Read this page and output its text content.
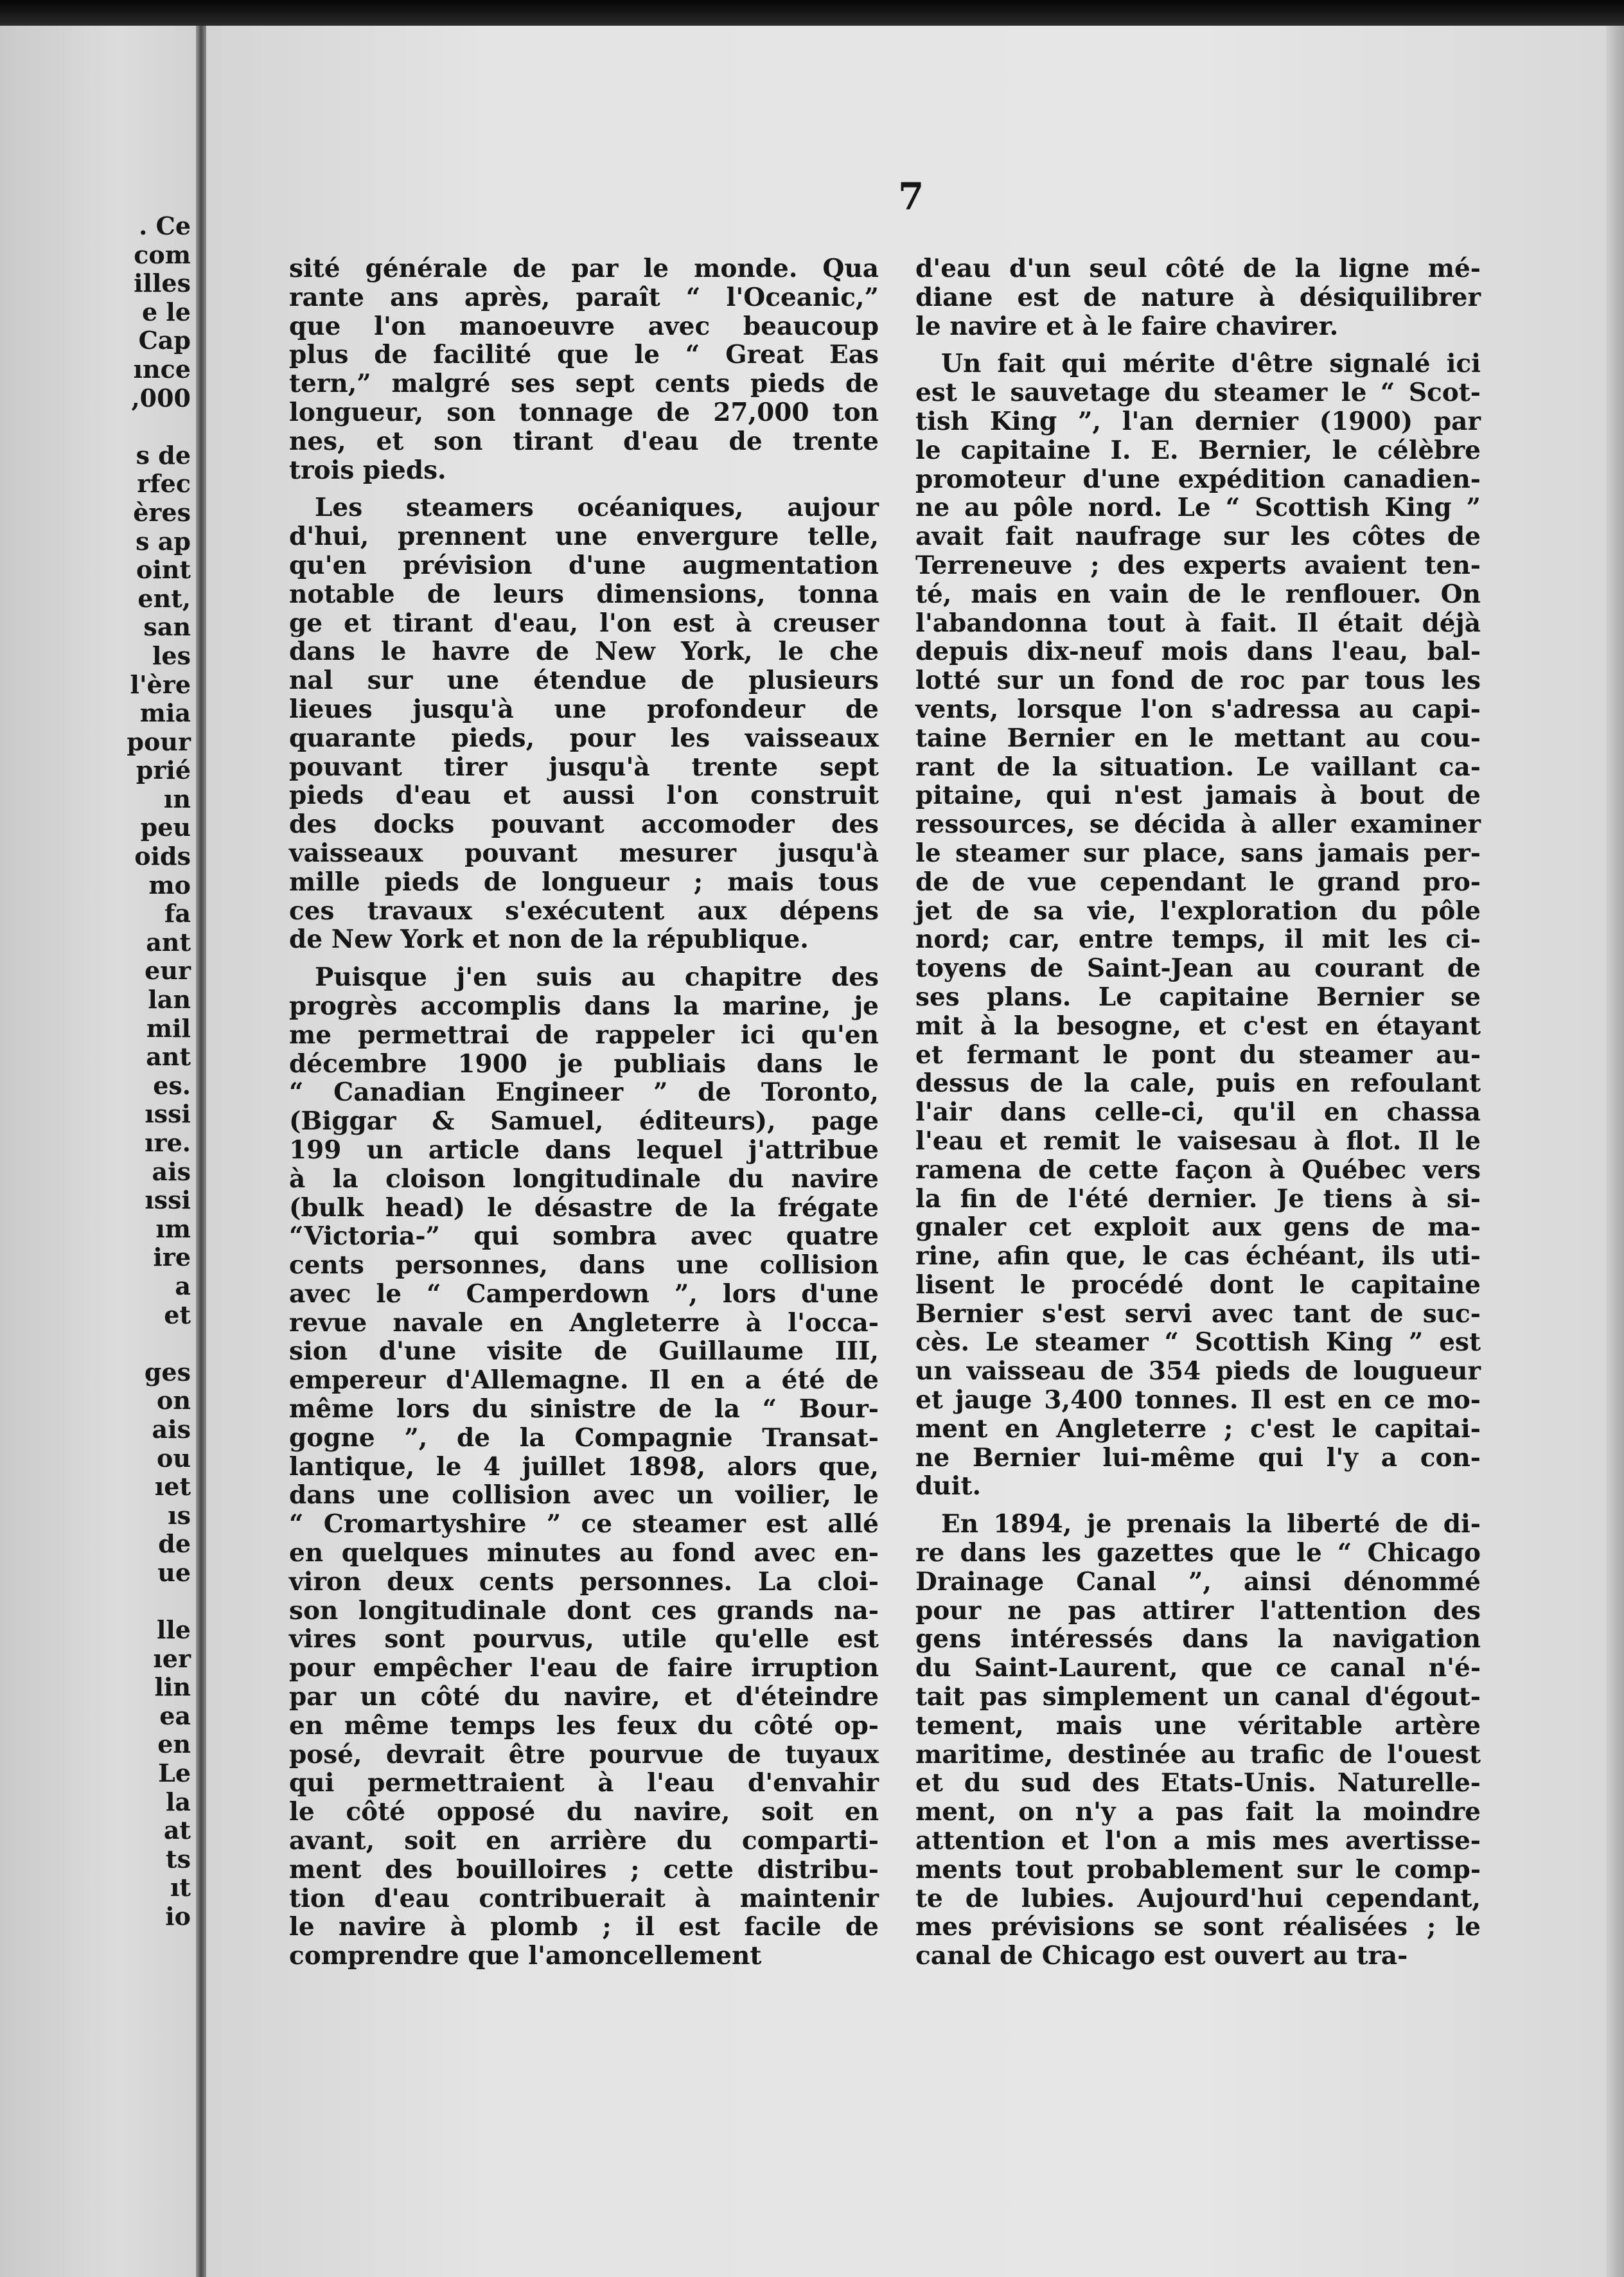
. Ce
com
illes
e le
Cap
ınce
,000
s de
rfec
ères
s ap
oint
ent,
san
les
l'ère
mia
pour
prié
ın
peu
oids
mo
fa
ant
eur
lan
mil
ant
es.
ıssi
ıre.
ais
ıssi
ım
ire
a
et
ges
on
ais
ou
ıet
ıs
de
ue
lle
ıer
lin
ea
en
Le
la
at
ts
ıt
io
7
sité générale de par le monde. Qua
rante ans après, paraît “ l'Oceanic,”
que l'on manoeuvre avec beaucoup
plus de facilité que le “ Great Eas
tern,” malgré ses sept cents pieds de
longueur, son tonnage de 27,000 ton
nes, et son tirant d'eau de trente
trois pieds.
Les steamers océaniques, aujour
d'hui, prennent une envergure telle,
qu'en prévision d'une augmentation
notable de leurs dimensions, tonna
ge et tirant d'eau, l'on est à creuser
dans le havre de New York, le che
nal sur une étendue de plusieurs
lieues jusqu'à une profondeur de
quarante pieds, pour les vaisseaux
pouvant tirer jusqu'à trente sept
pieds d'eau et aussi l'on construit
des docks pouvant accomoder des
vaisseaux pouvant mesurer jusqu'à
mille pieds de longueur ; mais tous
ces travaux s'exécutent aux dépens
de New York et non de la république.
Puisque j'en suis au chapitre des
progrès accomplis dans la marine, je
me permettrai de rappeler ici qu'en
décembre 1900 je publiais dans le
“ Canadian Engineer ” de Toronto,
(Biggar & Samuel, éditeurs), page
199 un article dans lequel j'attribue
à la cloison longitudinale du navire
(bulk head) le désastre de la frégate
“Victoria-” qui sombra avec quatre
cents personnes, dans une collision
avec le “ Camperdown ”, lors d'une
revue navale en Angleterre à l'occa-
sion d'une visite de Guillaume III,
empereur d'Allemagne. Il en a été de
même lors du sinistre de la “ Bour-
gogne ”, de la Compagnie Transat-
lantique, le 4 juillet 1898, alors que,
dans une collision avec un voilier, le
“ Cromartyshire ” ce steamer est allé
en quelques minutes au fond avec en-
viron deux cents personnes. La cloi-
son longitudinale dont ces grands na-
vires sont pourvus, utile qu'elle est
pour empêcher l'eau de faire irruption
par un côté du navire, et d'éteindre
en même temps les feux du côté op-
posé, devrait être pourvue de tuyaux
qui permettraient à l'eau d'envahir
le côté opposé du navire, soit en
avant, soit en arrière du comparti-
ment des bouilloires ; cette distribu-
tion d'eau contribuerait à maintenir
le navire à plomb ; il est facile de
comprendre que l'amoncellement
d'eau d'un seul côté de la ligne mé-
diane est de nature à désiquilibrer
le navire et à le faire chavirer.
Un fait qui mérite d'être signalé ici
est le sauvetage du steamer le “ Scot-
tish King ”, l'an dernier (1900) par
le capitaine I. E. Bernier, le célèbre
promoteur d'une expédition canadien-
ne au pôle nord. Le “ Scottish King ”
avait fait naufrage sur les côtes de
Terreneuve ; des experts avaient ten-
té, mais en vain de le renflouer. On
l'abandonna tout à fait. Il était déjà
depuis dix-neuf mois dans l'eau, bal-
lotté sur un fond de roc par tous les
vents, lorsque l'on s'adressa au capi-
taine Bernier en le mettant au cou-
rant de la situation. Le vaillant ca-
pitaine, qui n'est jamais à bout de
ressources, se décida à aller examiner
le steamer sur place, sans jamais per-
de de vue cependant le grand pro-
jet de sa vie, l'exploration du pôle
nord; car, entre temps, il mit les ci-
toyens de Saint-Jean au courant de
ses plans. Le capitaine Bernier se
mit à la besogne, et c'est en étayant
et fermant le pont du steamer au-
dessus de la cale, puis en refoulant
l'air dans celle-ci, qu'il en chassa
l'eau et remit le vaisesau à flot. Il le
ramena de cette façon à Québec vers
la fin de l'été dernier. Je tiens à si-
gnaler cet exploit aux gens de ma-
rine, afin que, le cas échéant, ils uti-
lisent le procédé dont le capitaine
Bernier s'est servi avec tant de suc-
cès. Le steamer “ Scottish King ” est
un vaisseau de 354 pieds de lougueur
et jauge 3,400 tonnes. Il est en ce mo-
ment en Angleterre ; c'est le capitai-
ne Bernier lui-même qui l'y a con-
duit.
En 1894, je prenais la liberté de di-
re dans les gazettes que le “ Chicago
Drainage Canal ”, ainsi dénommé
pour ne pas attirer l'attention des
gens intéressés dans la navigation
du Saint-Laurent, que ce canal n'é-
tait pas simplement un canal d'égout-
tement, mais une véritable artère
maritime, destinée au trafic de l'ouest
et du sud des Etats-Unis. Naturelle-
ment, on n'y a pas fait la moindre
attention et l'on a mis mes avertisse-
ments tout probablement sur le comp-
te de lubies. Aujourd'hui cependant,
mes prévisions se sont réalisées ; le
canal de Chicago est ouvert au tra-
